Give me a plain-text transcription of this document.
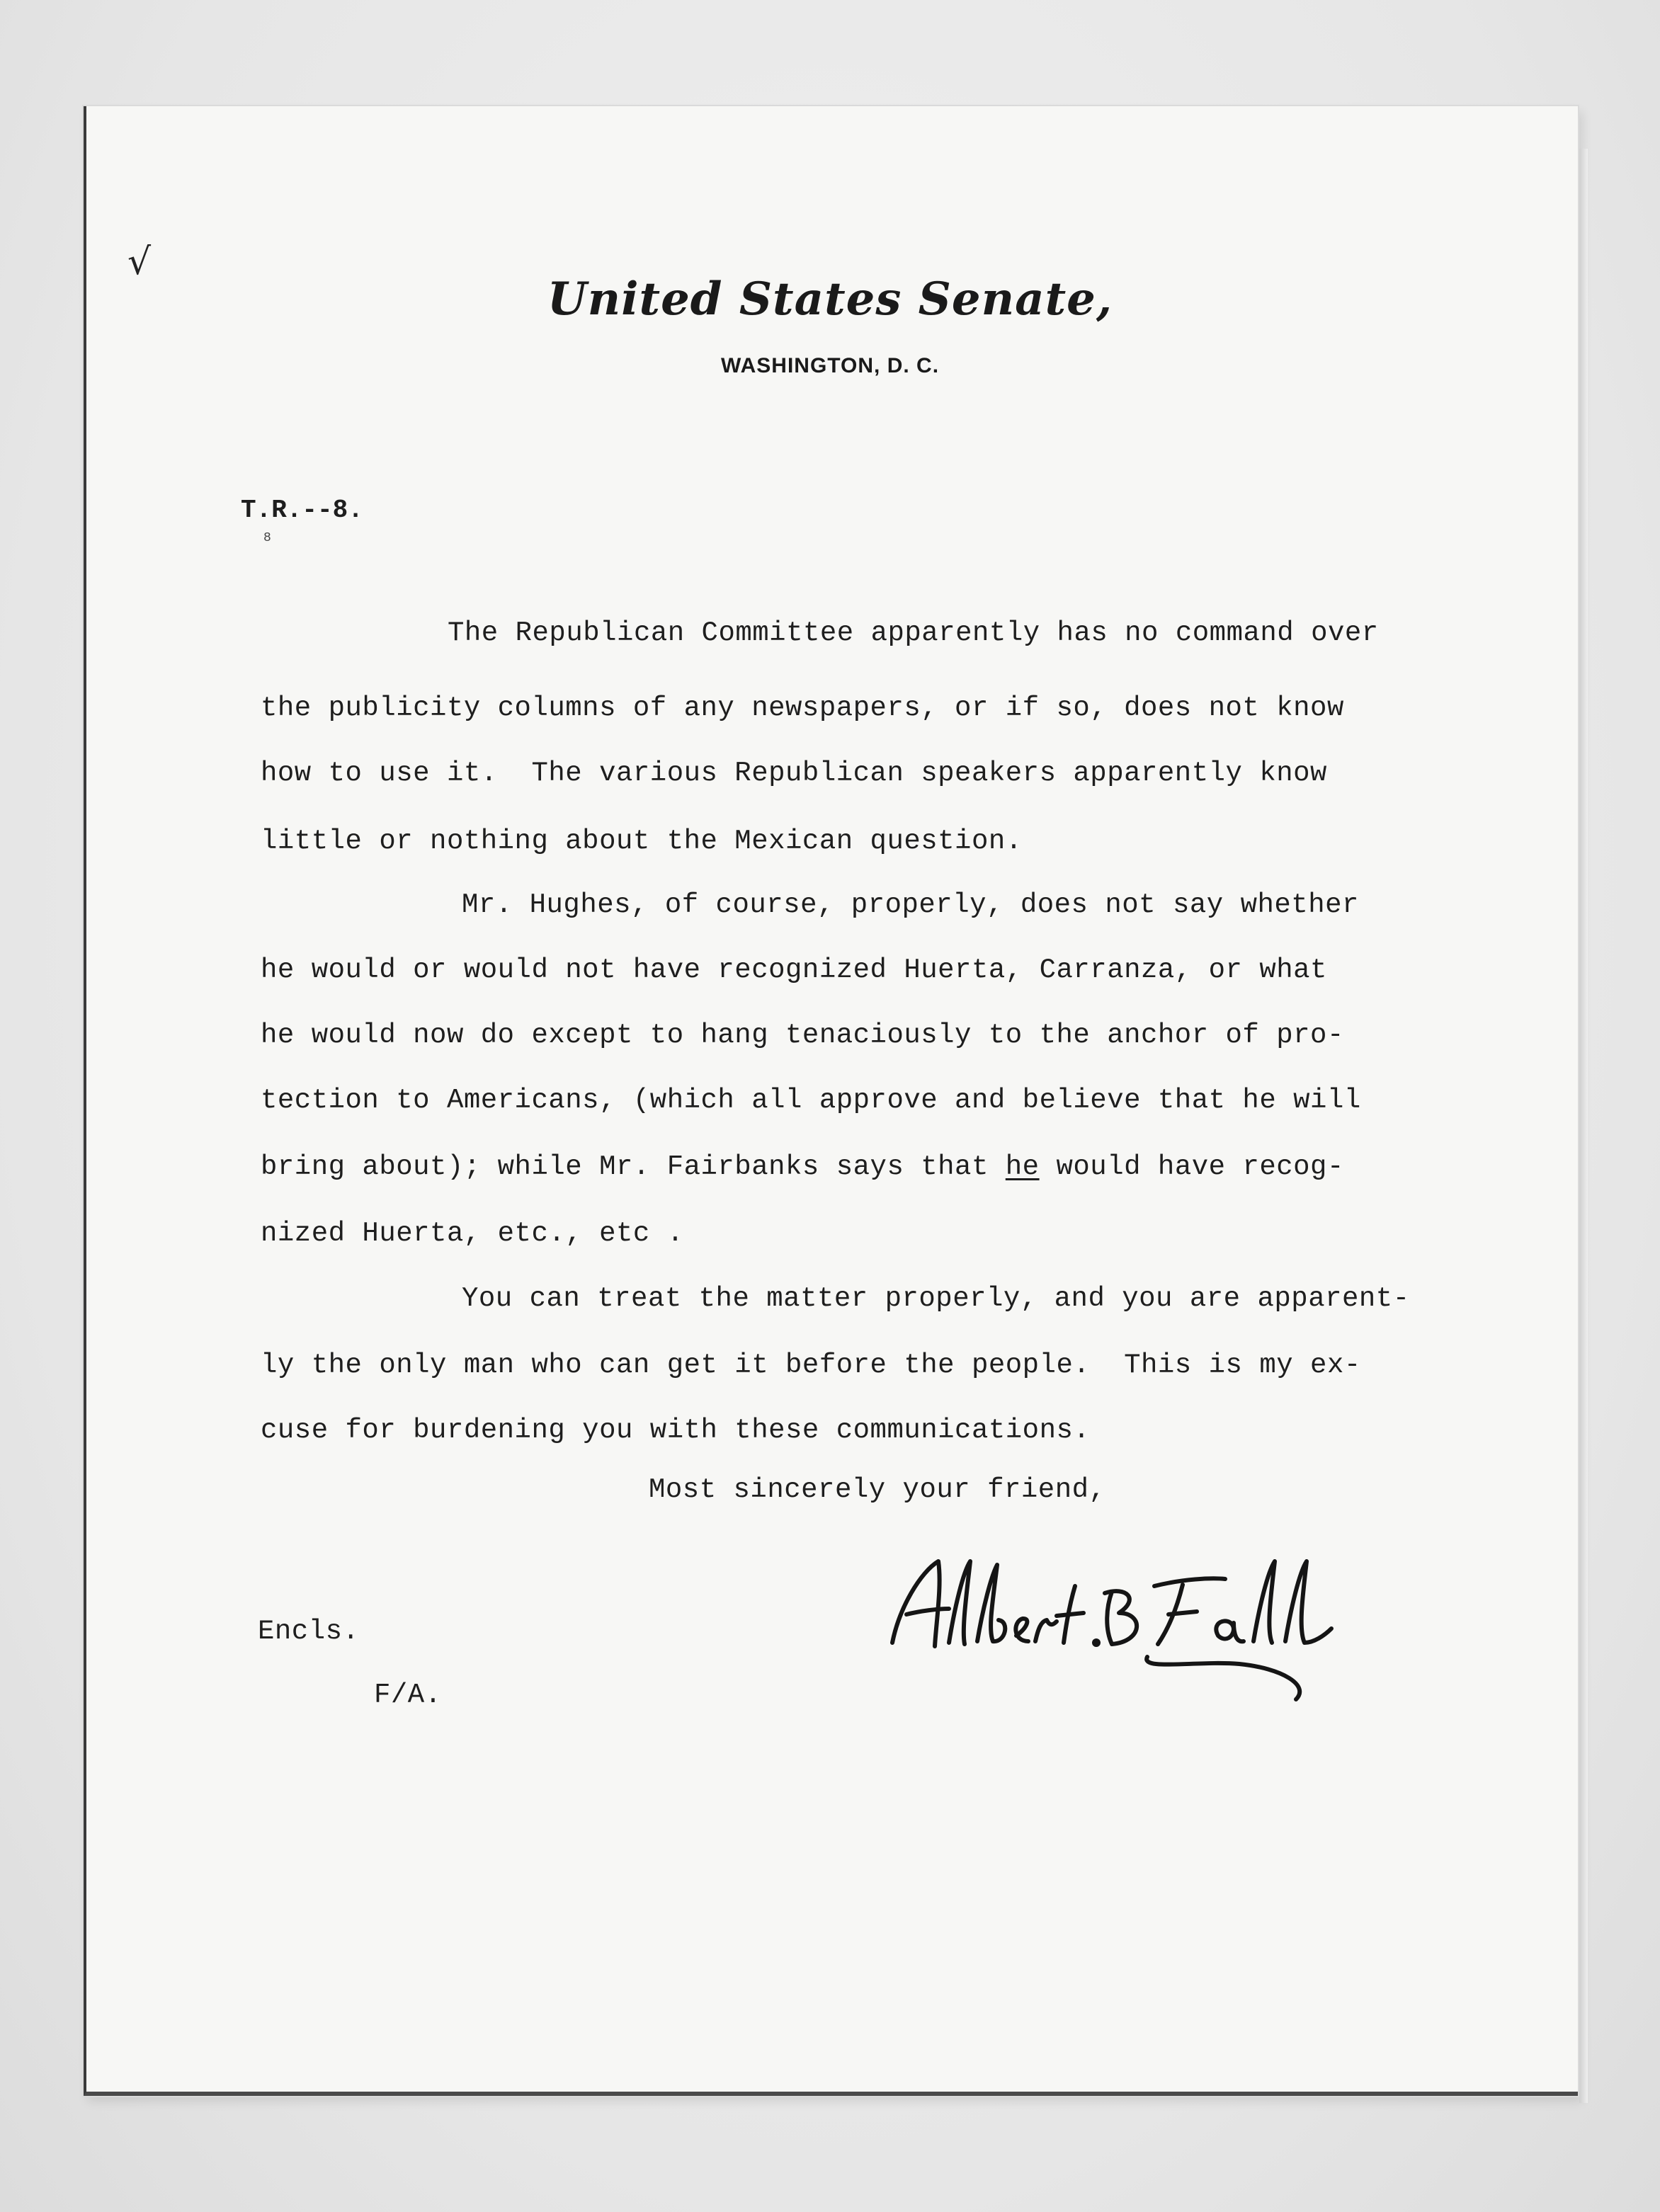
√
United States Senate,
WASHINGTON, D. C.
T.R.--8.
8
The Republican Committee apparently has no command over
the publicity columns of any newspapers, or if so, does not know
how to use it.  The various Republican speakers apparently know
little or nothing about the Mexican question.
Mr. Hughes, of course, properly, does not say whether
he would or would not have recognized Huerta, Carranza, or what
he would now do except to hang tenaciously to the anchor of pro-
tection to Americans, (which all approve and believe that he will
bring about); while Mr. Fairbanks says that he would have recog-
nized Huerta, etc., etc .
You can treat the matter properly, and you are apparent-
ly the only man who can get it before the people.  This is my ex-
cuse for burdening you with these communications.
Most sincerely your friend,
Encls.
F/A.
